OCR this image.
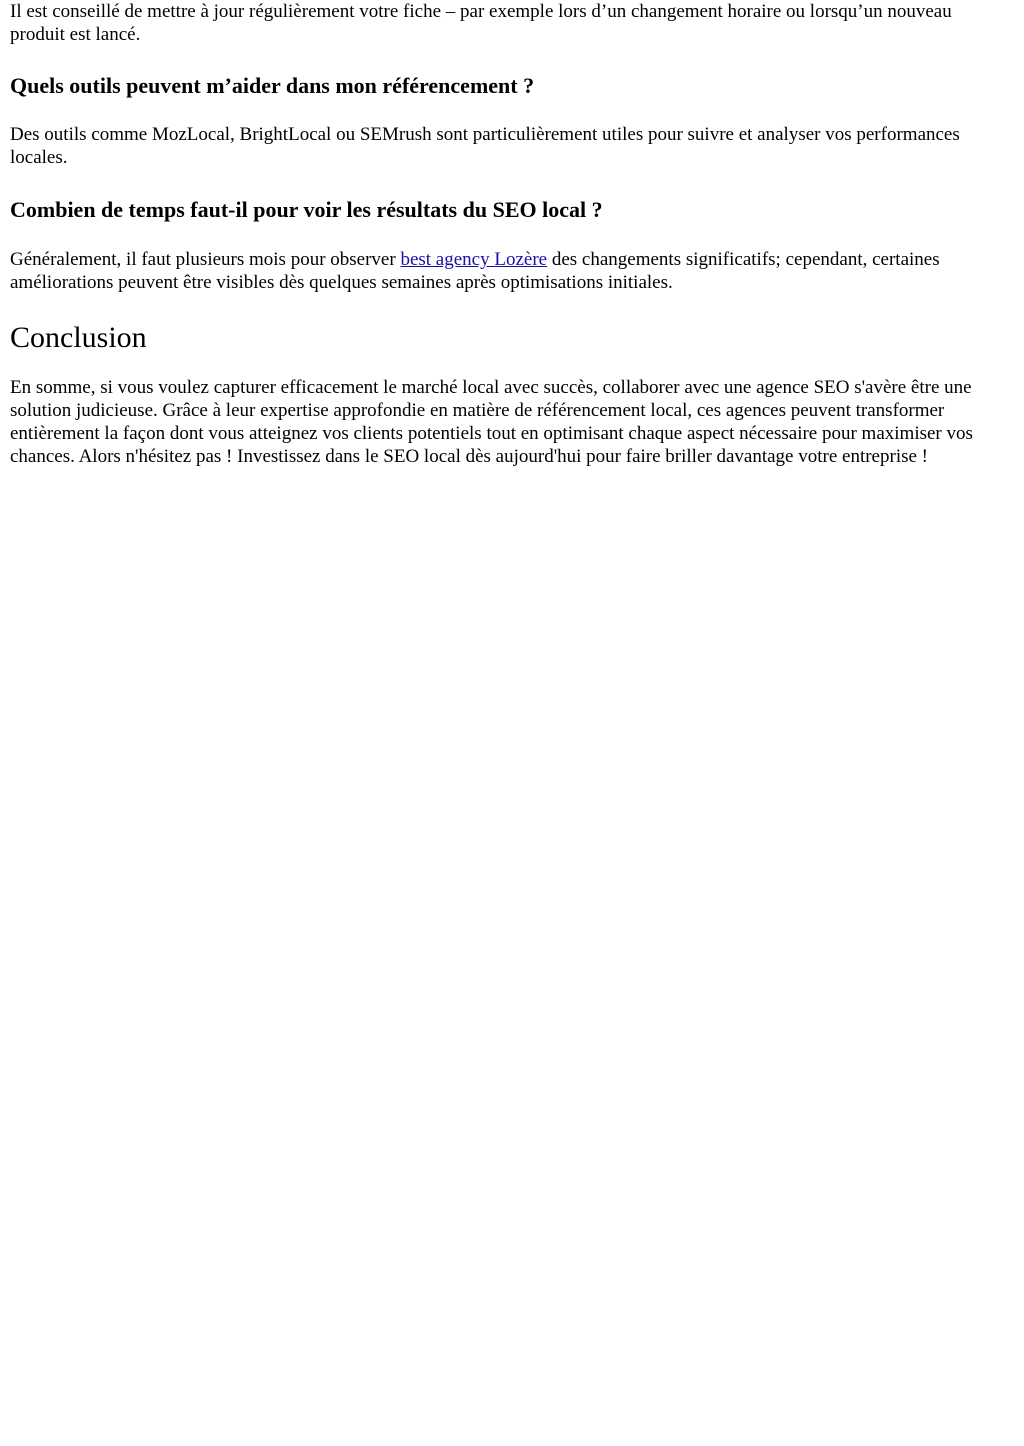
Il est conseillé de mettre à jour régulièrement votre fiche – par exemple lors d’un changement horaire ou lorsqu’un nouveau produit est lancé.

Quels outils peuvent m’aider dans mon référencement ?

Des outils comme MozLocal, BrightLocal ou SEMrush sont particulièrement utiles pour suivre et analyser vos performances locales.

Combien de temps faut-il pour voir les résultats du SEO local ?

Généralement, il faut plusieurs mois pour observer best agency Lozère des changements significatifs; cependant, certaines améliorations peuvent être visibles dès quelques semaines après optimisations initiales.

Conclusion

En somme, si vous voulez capturer efficacement le marché local avec succès, collaborer avec une agence SEO s'avère être une solution judicieuse. Grâce à leur expertise approfondie en matière de référencement local, ces agences peuvent transformer entièrement la façon dont vous atteignez vos clients potentiels tout en optimisant chaque aspect nécessaire pour maximiser vos chances. Alors n'hésitez pas ! Investissez dans le SEO local dès aujourd'hui pour faire briller davantage votre entreprise !
